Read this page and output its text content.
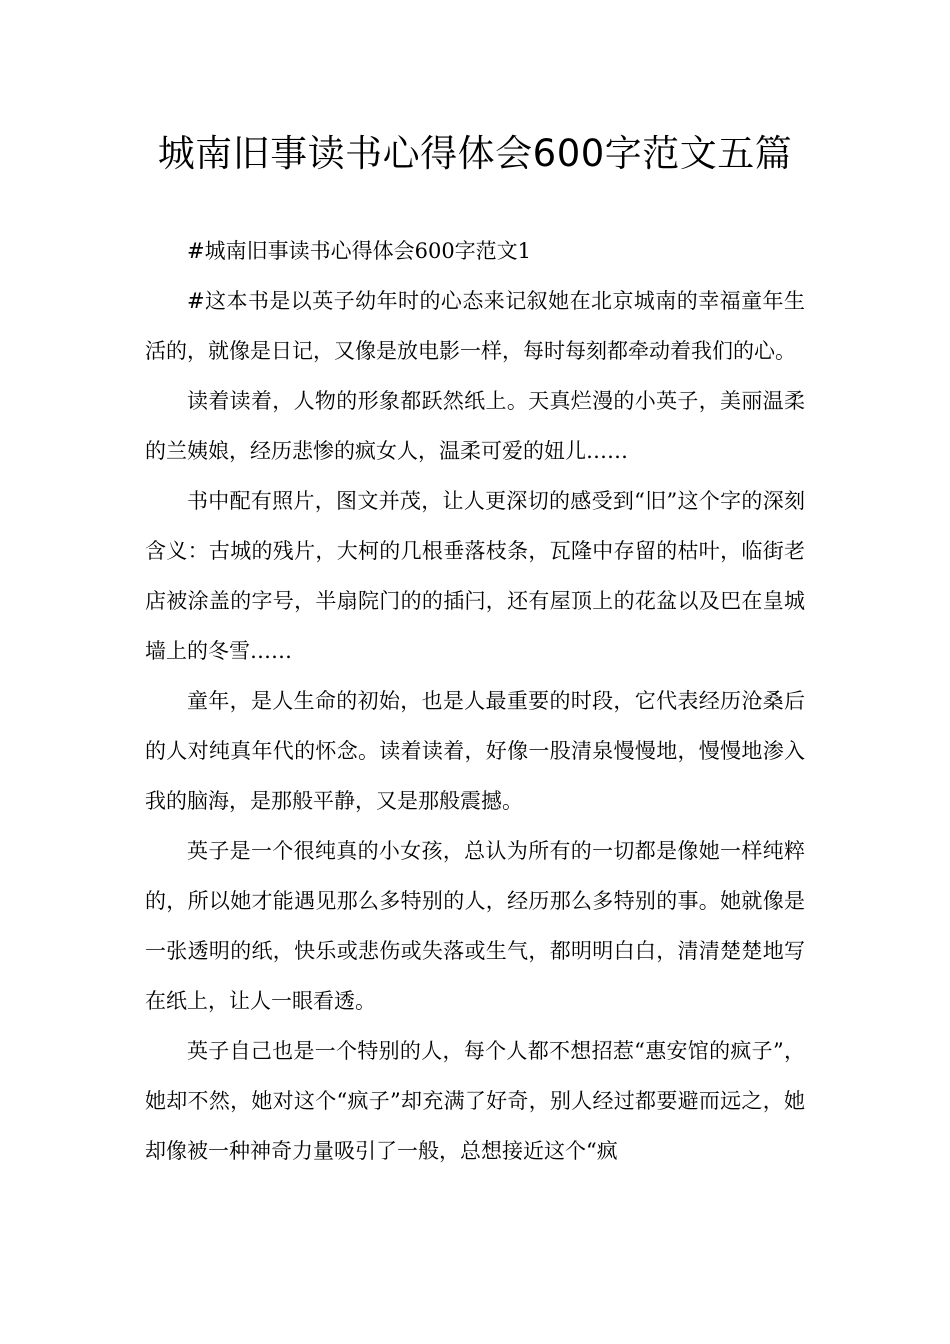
城南旧事读书心得体会600字范文五篇

#城南旧事读书心得体会600字范文1

#这本书是以英子幼年时的心态来记叙她在北京城南的幸福童年生活的，就像是日记，又像是放电影一样，每时每刻都牵动着我们的心。

读着读着，人物的形象都跃然纸上。天真烂漫的小英子，美丽温柔的兰姨娘，经历悲惨的疯女人，温柔可爱的妞儿……

书中配有照片，图文并茂，让人更深切的感受到“旧”这个字的深刻含义：古城的残片，大柯的几根垂落枝条，瓦隆中存留的枯叶，临街老店被涂盖的字号，半扇院门的的插闩，还有屋顶上的花盆以及巴在皇城墙上的冬雪……

童年，是人生命的初始，也是人最重要的时段，它代表经历沧桑后的人对纯真年代的怀念。读着读着，好像一股清泉慢慢地，慢慢地渗入我的脑海，是那般平静，又是那般震撼。

英子是一个很纯真的小女孩，总认为所有的一切都是像她一样纯粹的，所以她才能遇见那么多特别的人，经历那么多特别的事。她就像是一张透明的纸，快乐或悲伤或失落或生气，都明明白白，清清楚楚地写在纸上，让人一眼看透。

英子自己也是一个特别的人，每个人都不想招惹“惠安馆的疯子”，她却不然，她对这个“疯子”却充满了好奇，别人经过都要避而远之，她却像被一种神奇力量吸引了一般，总想接近这个“疯
